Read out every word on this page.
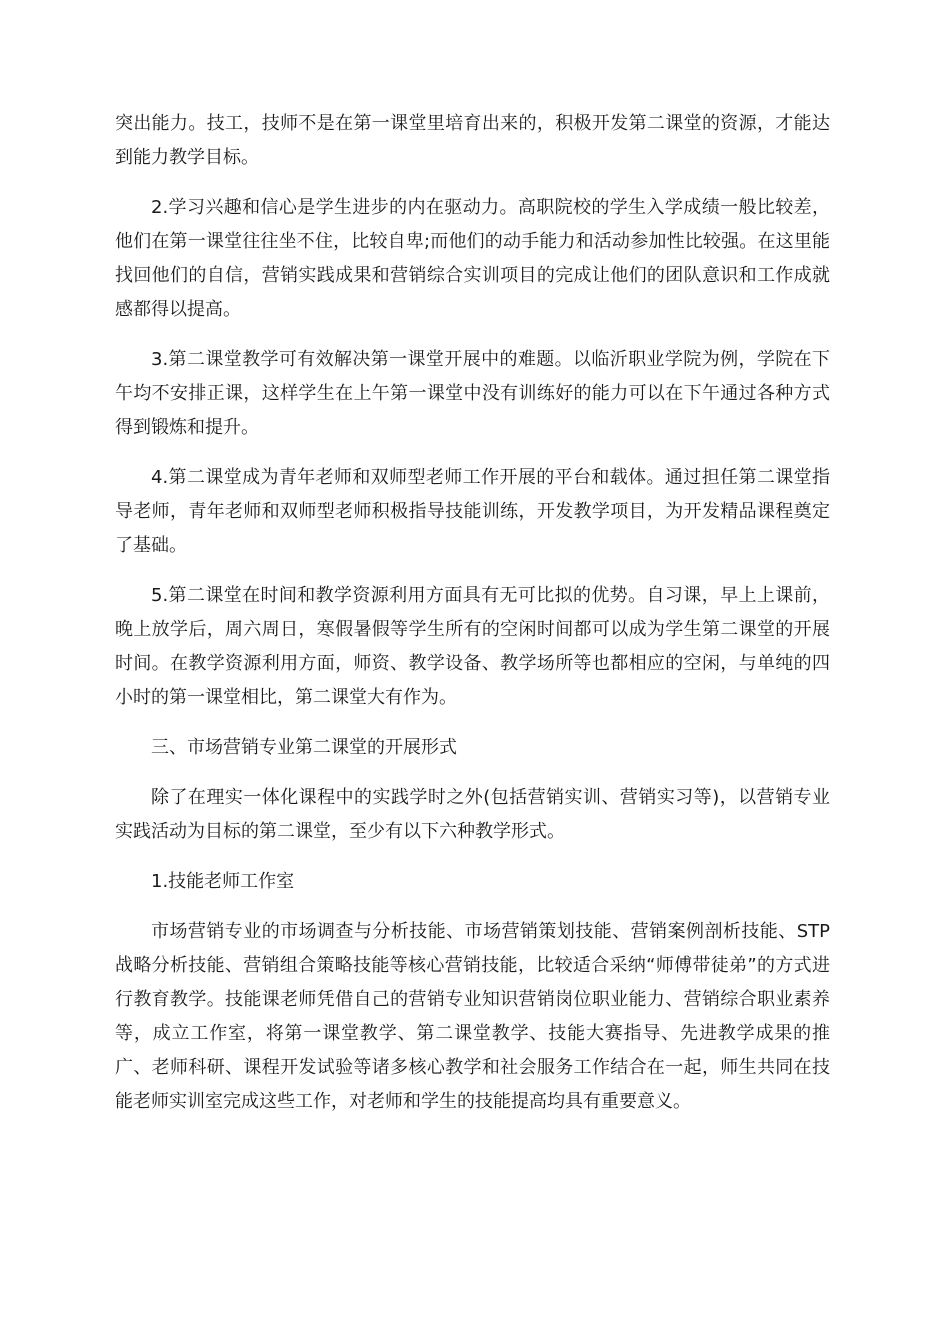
突出能力。技工，技师不是在第一课堂里培育出来的，积极开发第二课堂的资源，才能达到能力教学目标。

2.学习兴趣和信心是学生进步的内在驱动力。高职院校的学生入学成绩一般比较差，他们在第一课堂往往坐不住，比较自卑;而他们的动手能力和活动参加性比较强。在这里能找回他们的自信，营销实践成果和营销综合实训项目的完成让他们的团队意识和工作成就感都得以提高。

3.第二课堂教学可有效解决第一课堂开展中的难题。以临沂职业学院为例，学院在下午均不安排正课，这样学生在上午第一课堂中没有训练好的能力可以在下午通过各种方式得到锻炼和提升。

4.第二课堂成为青年老师和双师型老师工作开展的平台和载体。通过担任第二课堂指导老师，青年老师和双师型老师积极指导技能训练，开发教学项目，为开发精品课程奠定了基础。

5.第二课堂在时间和教学资源利用方面具有无可比拟的优势。自习课，早上上课前，晚上放学后，周六周日，寒假暑假等学生所有的空闲时间都可以成为学生第二课堂的开展时间。在教学资源利用方面，师资、教学设备、教学场所等也都相应的空闲，与单纯的四小时的第一课堂相比，第二课堂大有作为。

三、市场营销专业第二课堂的开展形式

除了在理实一体化课程中的实践学时之外(包括营销实训、营销实习等)，以营销专业实践活动为目标的第二课堂，至少有以下六种教学形式。

1.技能老师工作室

市场营销专业的市场调查与分析技能、市场营销策划技能、营销案例剖析技能、STP 战略分析技能、营销组合策略技能等核心营销技能，比较适合采纳“师傅带徒弟”的方式进行教育教学。技能课老师凭借自己的营销专业知识营销岗位职业能力、营销综合职业素养等，成立工作室，将第一课堂教学、第二课堂教学、技能大赛指导、先进教学成果的推广、老师科研、课程开发试验等诸多核心教学和社会服务工作结合在一起，师生共同在技能老师实训室完成这些工作，对老师和学生的技能提高均具有重要意义。
